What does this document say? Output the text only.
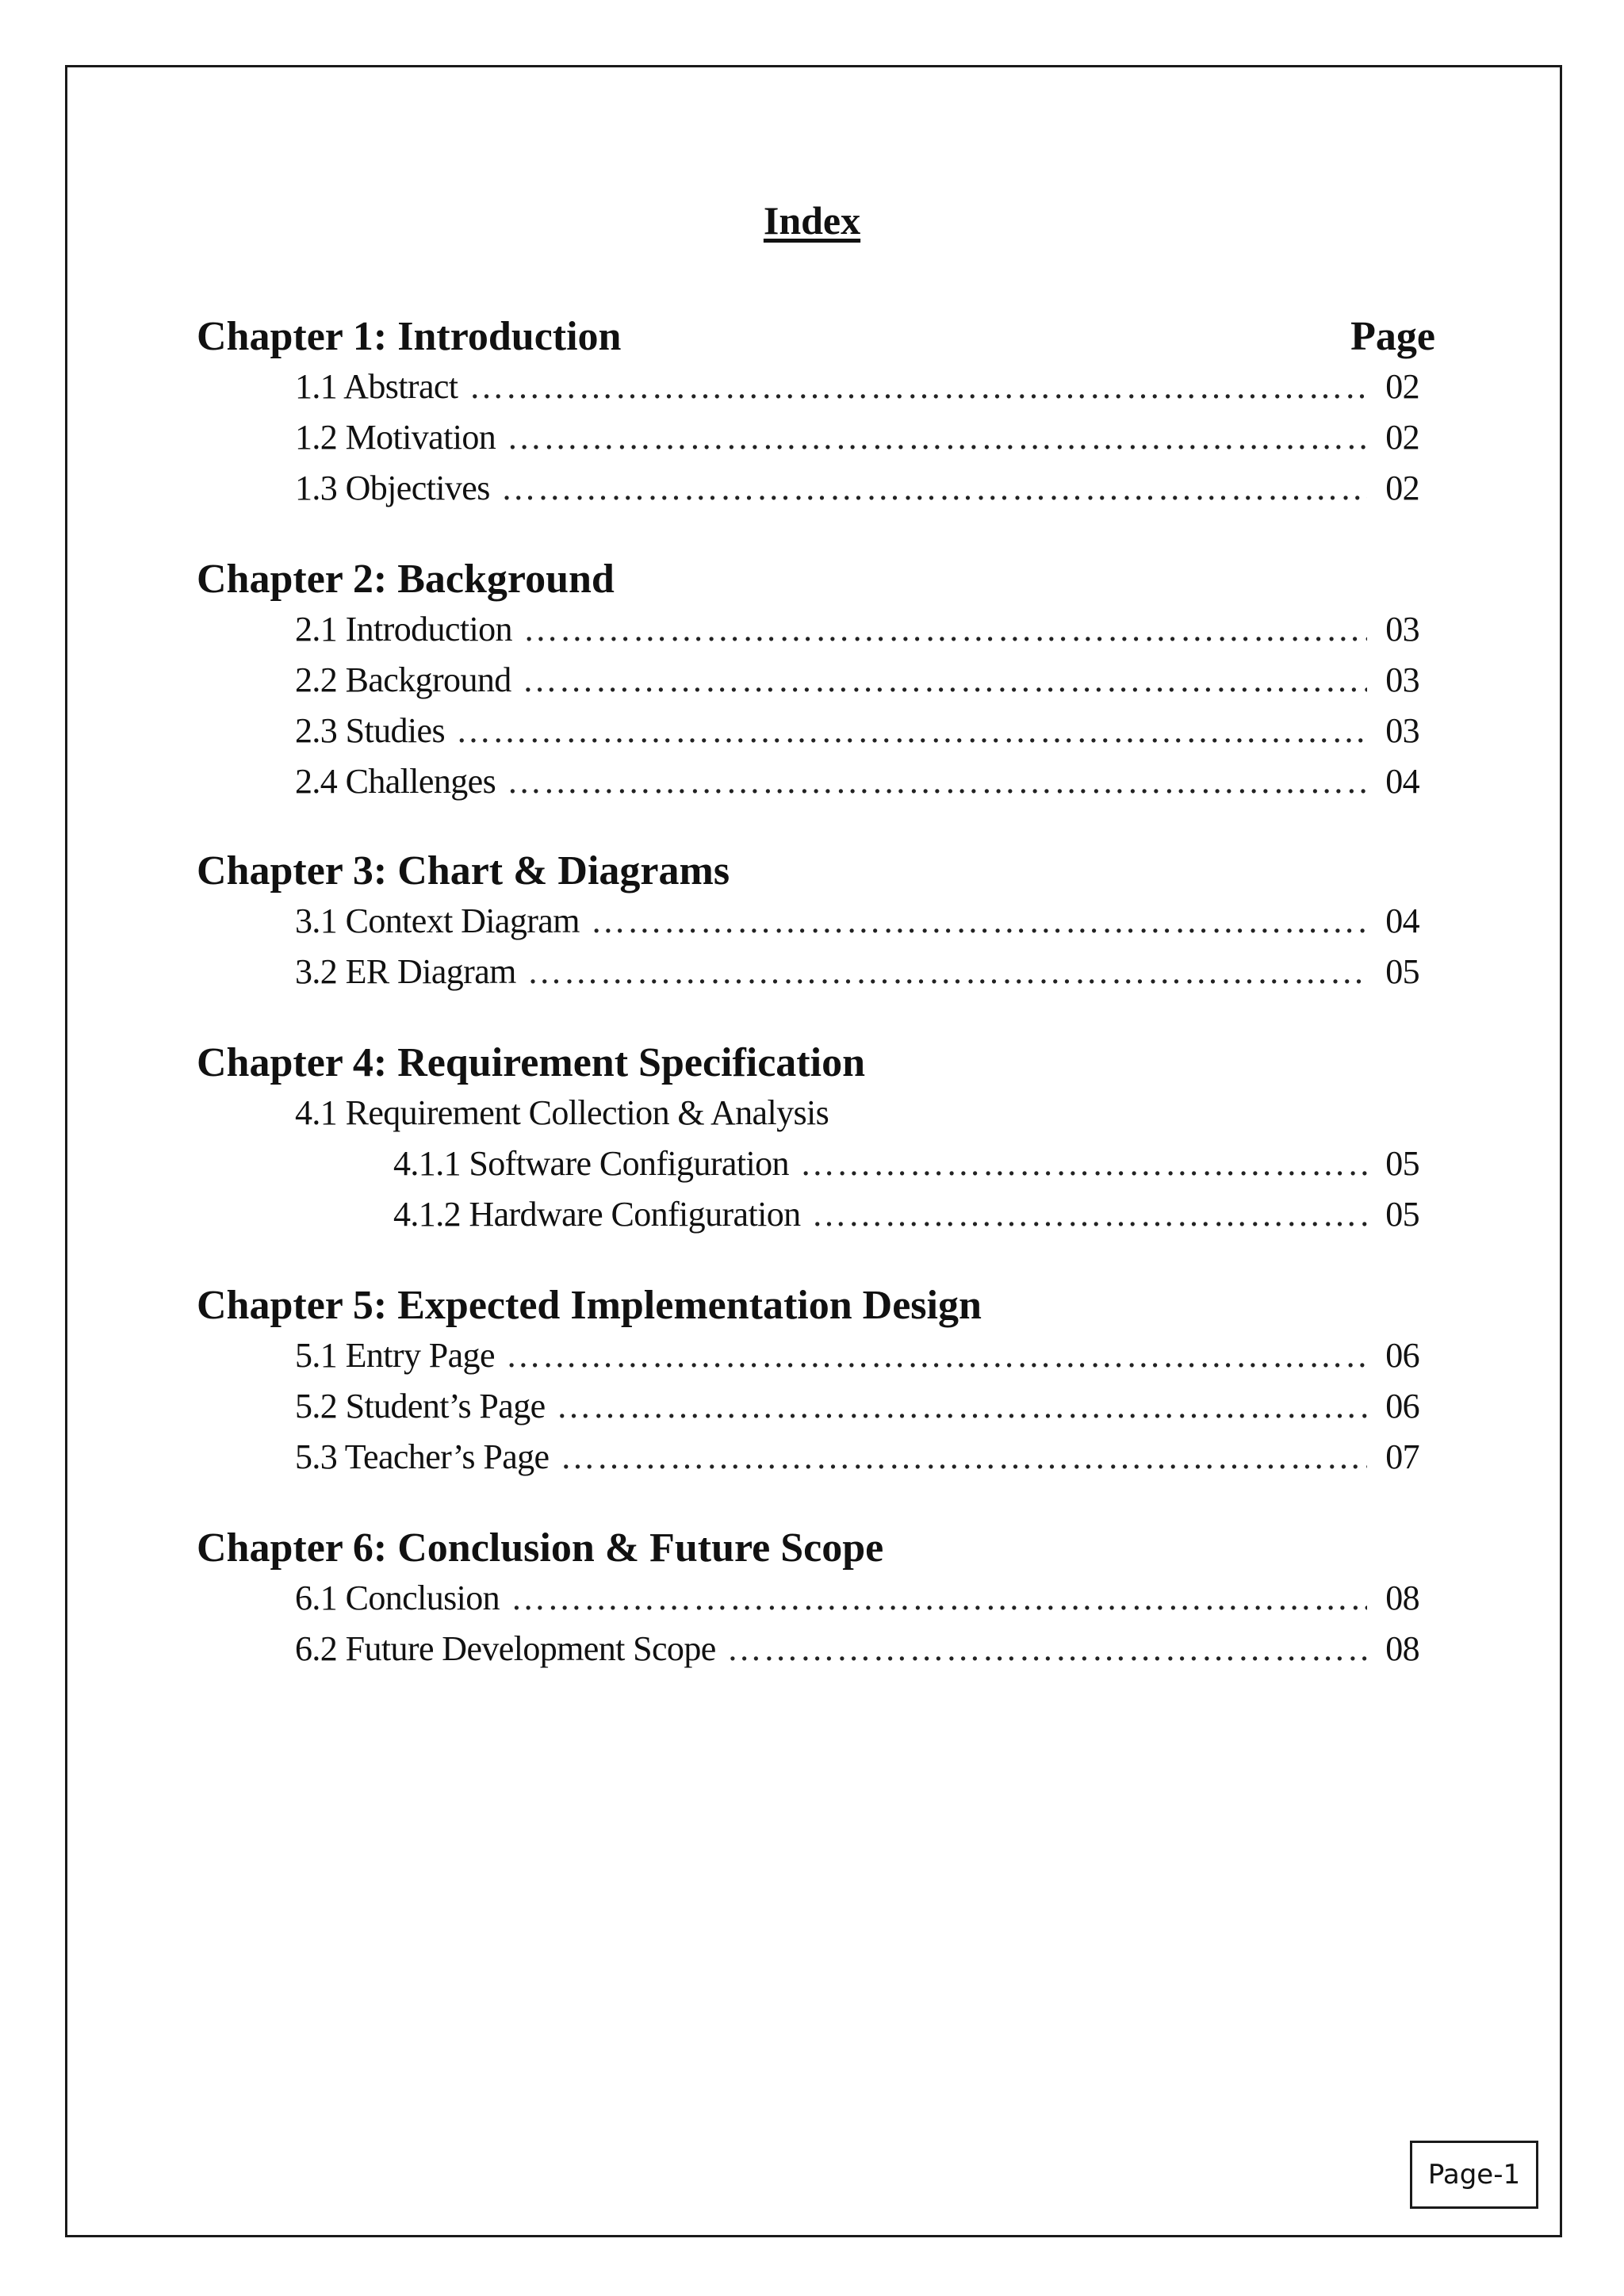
Index
Chapter 1: Introduction	Page
1.1 Abstract ……………………………………………………………………………………………………………………………………	02
1.2 Motivation ……………………………………………………………………………………………………………………………………	02
1.3 Objectives ……………………………………………………………………………………………………………………………………	02
Chapter 2: Background
2.1 Introduction ……………………………………………………………………………………………………………………………………	03
2.2 Background ……………………………………………………………………………………………………………………………………	03
2.3 Studies ……………………………………………………………………………………………………………………………………	03
2.4 Challenges ……………………………………………………………………………………………………………………………………	04
Chapter 3: Chart & Diagrams
3.1 Context Diagram ……………………………………………………………………………………………………………………………………	04
3.2 ER Diagram ……………………………………………………………………………………………………………………………………	05
Chapter 4: Requirement Specification
4.1 Requirement Collection & Analysis
4.1.1 Software Configuration ……………………………………………………………………………………………………………………………………	05
4.1.2 Hardware Configuration ……………………………………………………………………………………………………………………………………	05
Chapter 5: Expected Implementation Design
5.1 Entry Page ……………………………………………………………………………………………………………………………………	06
5.2 Student’s Page ……………………………………………………………………………………………………………………………………	06
5.3 Teacher’s Page ……………………………………………………………………………………………………………………………………	07
Chapter 6: Conclusion & Future Scope
6.1 Conclusion ……………………………………………………………………………………………………………………………………	08
6.2 Future Development Scope ……………………………………………………………………………………………………………………………………	08
Page-1
